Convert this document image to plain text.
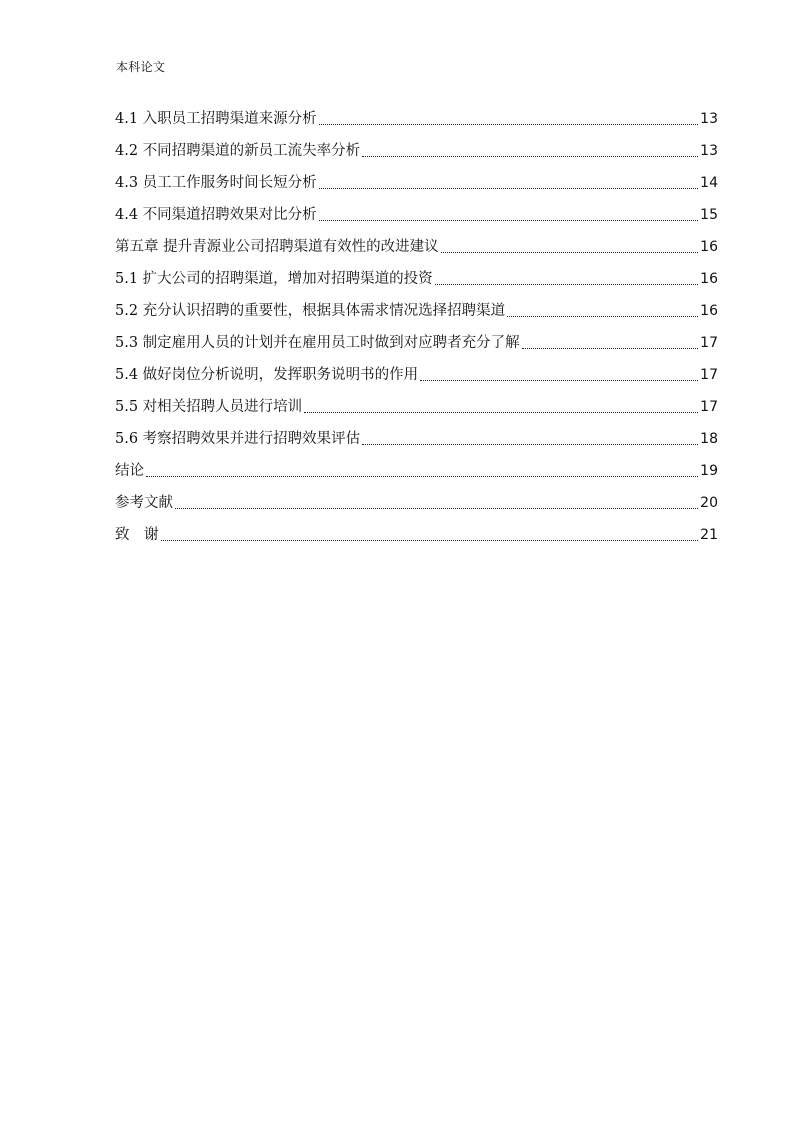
本科论文
4.1 入职员工招聘渠道来源分析	13
4.2 不同招聘渠道的新员工流失率分析	13
4.3 员工工作服务时间长短分析	14
4.4 不同渠道招聘效果对比分析	15
第五章 提升青源业公司招聘渠道有效性的改进建议	16
5.1 扩大公司的招聘渠道，增加对招聘渠道的投资	16
5.2 充分认识招聘的重要性，根据具体需求情况选择招聘渠道	16
5.3 制定雇用人员的计划并在雇用员工时做到对应聘者充分了解	17
5.4 做好岗位分析说明，发挥职务说明书的作用	17
5.5 对相关招聘人员进行培训	17
5.6 考察招聘效果并进行招聘效果评估	18
结论	19
参考文献	20
致　谢	21
